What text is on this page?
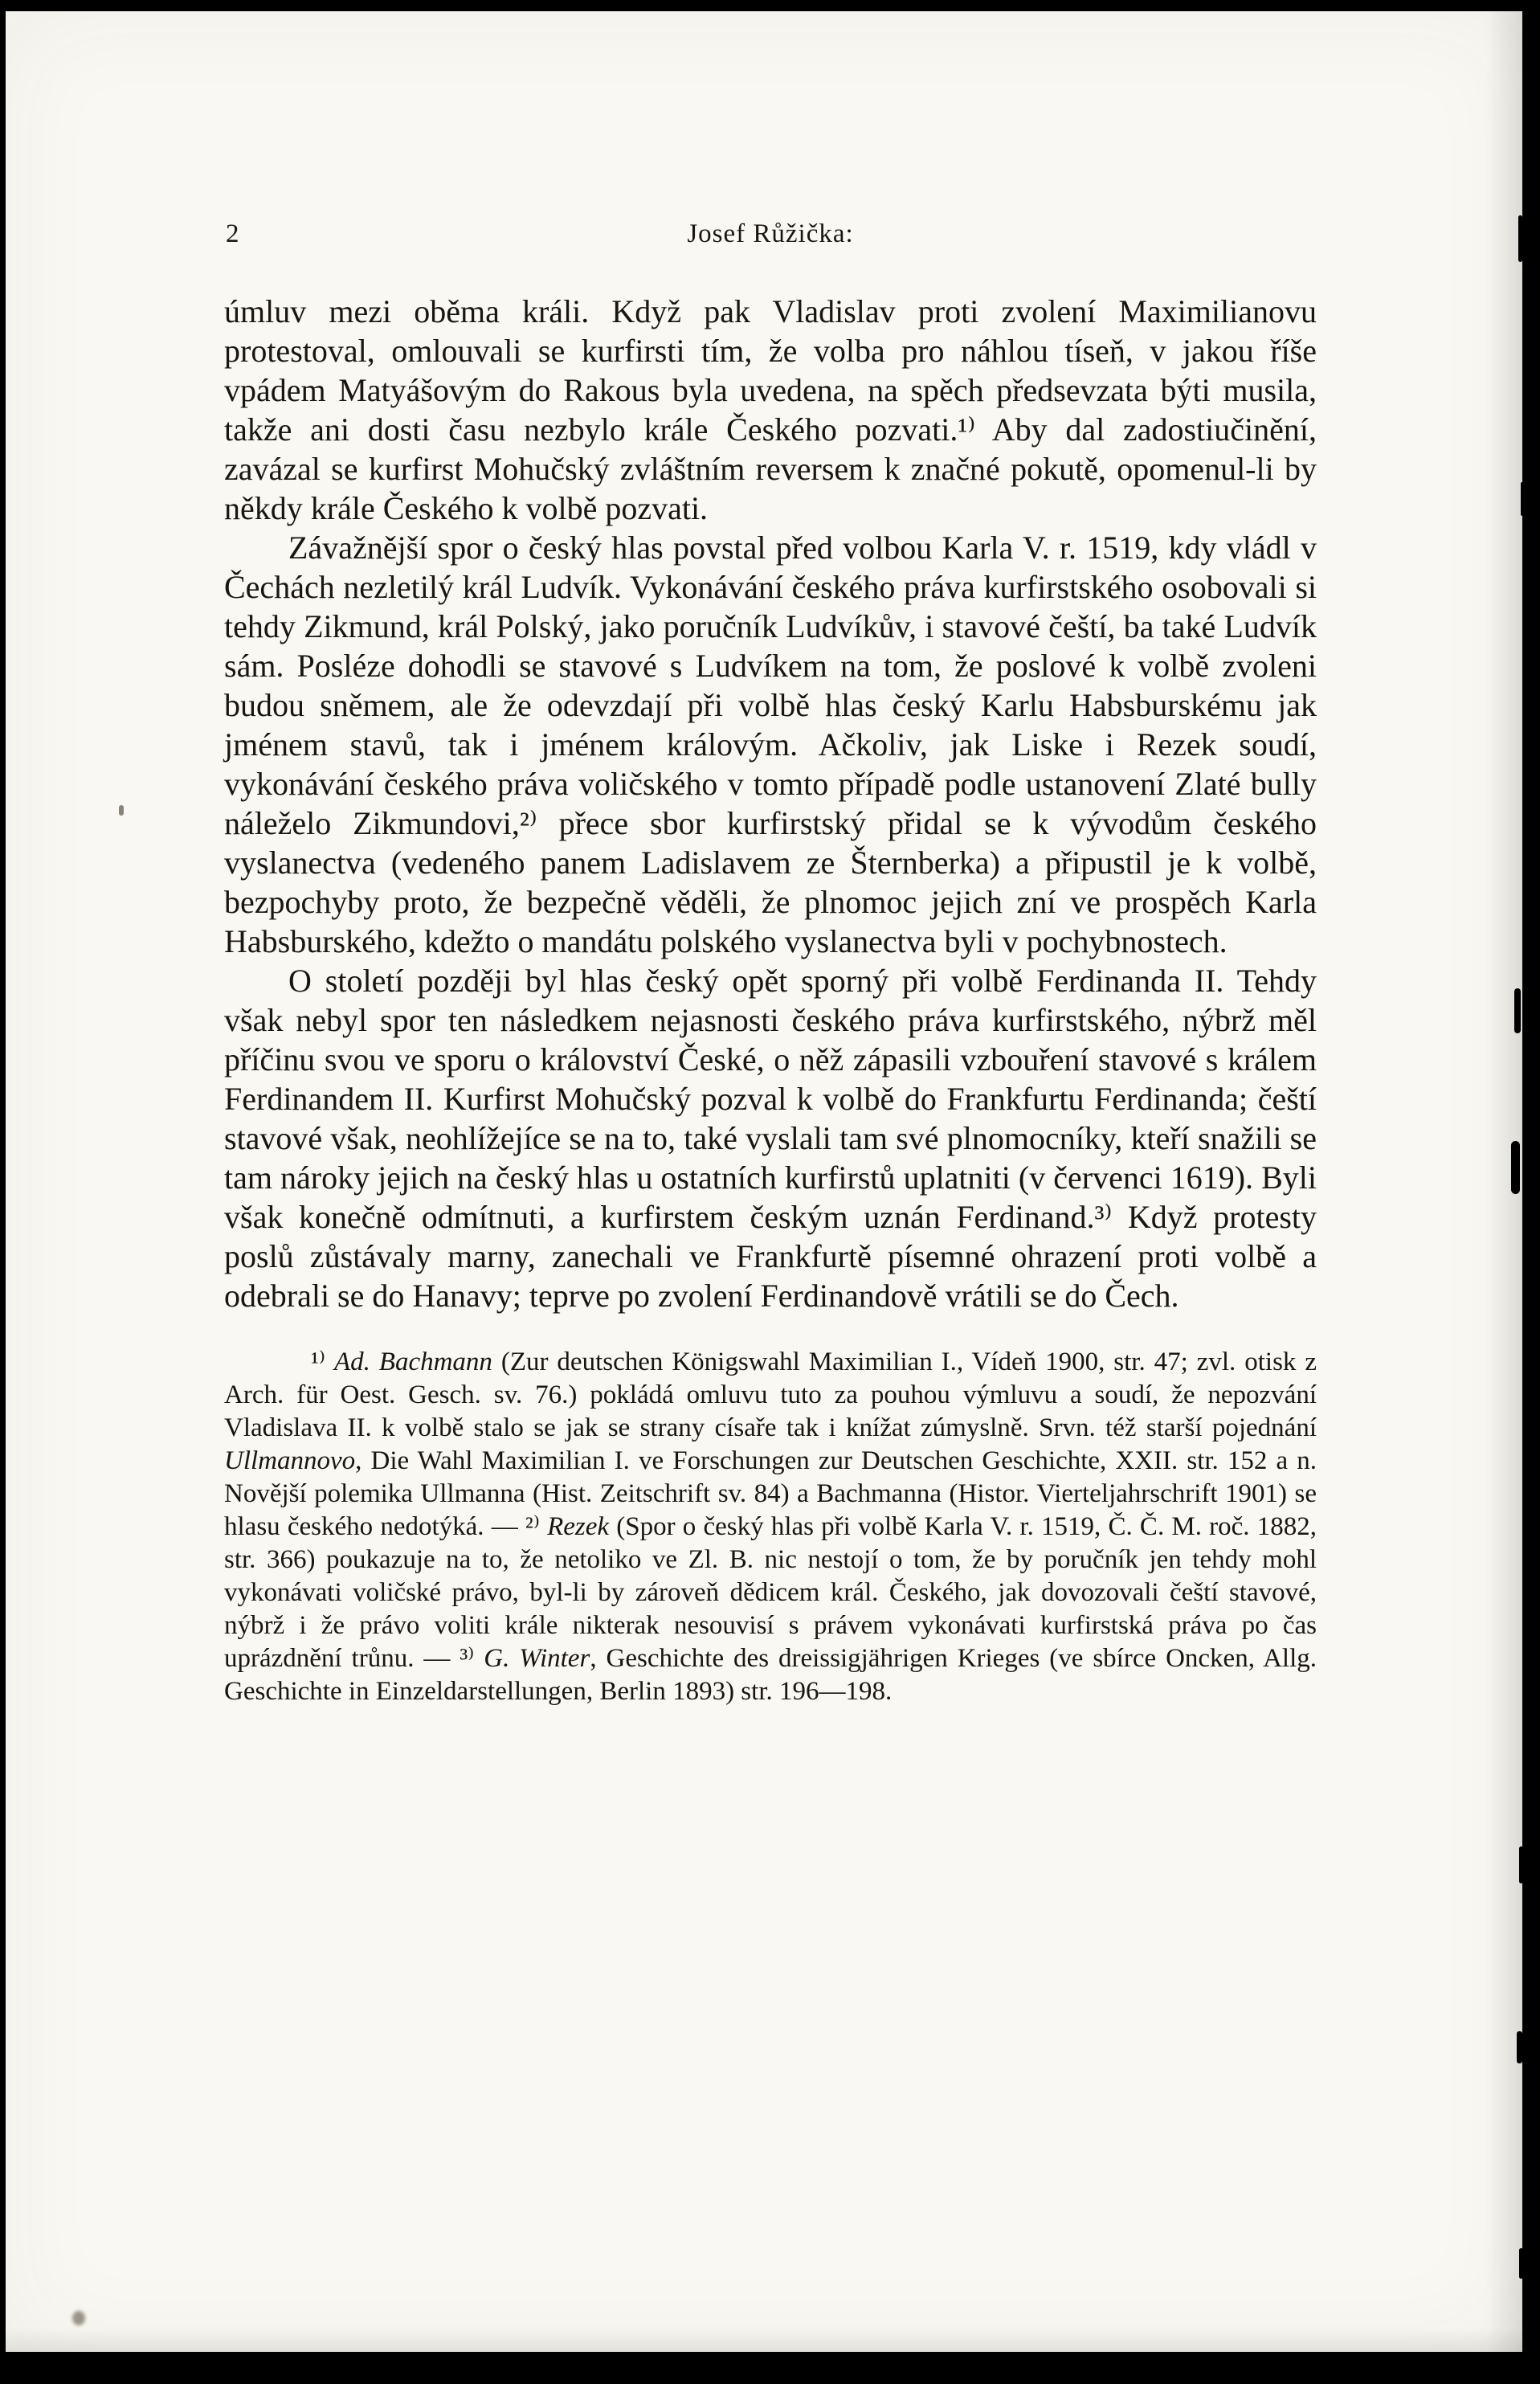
2	Josef Růžička:

úmluv mezi oběma králi. Když pak Vladislav proti zvolení Maximilianovu protestoval, omlouvali se kurfirsti tím, že volba pro náhlou tíseň, v jakou říše vpádem Matyášovým do Rakous byla uvedena, na spěch předsevzata býti musila, takže ani dosti času nezbylo krále Českého pozvati.¹⁾ Aby dal zadostiučinění, zavázal se kurfirst Mohučský zvláštním reversem k značné pokutě, opomenul-li by někdy krále Českého k volbě pozvati.

Závažnější spor o český hlas povstal před volbou Karla V. r. 1519, kdy vládl v Čechách nezletilý král Ludvík. Vykonávání českého práva kurfirstského osobovali si tehdy Zikmund, král Polský, jako poručník Ludvíkův, i stavové čeští, ba také Ludvík sám. Posléze dohodli se stavové s Ludvíkem na tom, že poslové k volbě zvoleni budou sněmem, ale že odevzdají při volbě hlas český Karlu Habsburskému jak jménem stavů, tak i jménem královým. Ačkoliv, jak Liske i Rezek soudí, vykonávání českého práva voličského v tomto případě podle ustanovení Zlaté bully náleželo Zikmundovi,²⁾ přece sbor kurfirstský přidal se k vývodům českého vyslanectva (vedeného panem Ladislavem ze Šternberka) a připustil je k volbě, bezpochyby proto, že bezpečně věděli, že plnomoc jejich zní ve prospěch Karla Habsburského, kdežto o mandátu polského vyslanectva byli v pochybnostech.

O století později byl hlas český opět sporný při volbě Ferdinanda II. Tehdy však nebyl spor ten následkem nejasnosti českého práva kurfirstského, nýbrž měl příčinu svou ve sporu o království České, o něž zápasili vzbouření stavové s králem Ferdinandem II. Kurfirst Mohučský pozval k volbě do Frankfurtu Ferdinanda; čeští stavové však, neohlížejíce se na to, také vyslali tam své plnomocníky, kteří snažili se tam nároky jejich na český hlas u ostatních kurfirstů uplatniti (v červenci 1619). Byli však konečně odmítnuti, a kurfirstem českým uznán Ferdinand.³⁾ Když protesty poslů zůstávaly marny, zanechali ve Frankfurtě písemné ohrazení proti volbě a odebrali se do Hanavy; teprve po zvolení Ferdinandově vrátili se do Čech.

¹⁾ Ad. Bachmann (Zur deutschen Königswahl Maximilian I., Vídeň 1900, str. 47; zvl. otisk z Arch. für Oest. Gesch. sv. 76.) pokládá omluvu tuto za pouhou výmluvu a soudí, že nepozvání Vladislava II. k volbě stalo se jak se strany císaře tak i knížat zúmyslně. Srvn. též starší pojednání Ullmannovo, Die Wahl Maximilian I. ve Forschungen zur Deutschen Geschichte, XXII. str. 152 a n. Novější polemika Ullmanna (Hist. Zeitschrift sv. 84) a Bachmanna (Histor. Vierteljahrschrift 1901) se hlasu českého nedotýká. — ²⁾ Rezek (Spor o český hlas při volbě Karla V. r. 1519, Č. Č. M. roč. 1882, str. 366) poukazuje na to, že netoliko ve Zl. B. nic nestojí o tom, že by poručník jen tehdy mohl vykonávati voličské právo, byl-li by zároveň dědicem král. Českého, jak dovozovali čeští stavové, nýbrž i že právo voliti krále nikterak nesouvisí s právem vykonávati kurfirstská práva po čas uprázdnění trůnu. — ³⁾ G. Winter, Geschichte des dreissigjährigen Krieges (ve sbírce Oncken, Allg. Geschichte in Einzeldarstellungen, Berlin 1893) str. 196—198.
